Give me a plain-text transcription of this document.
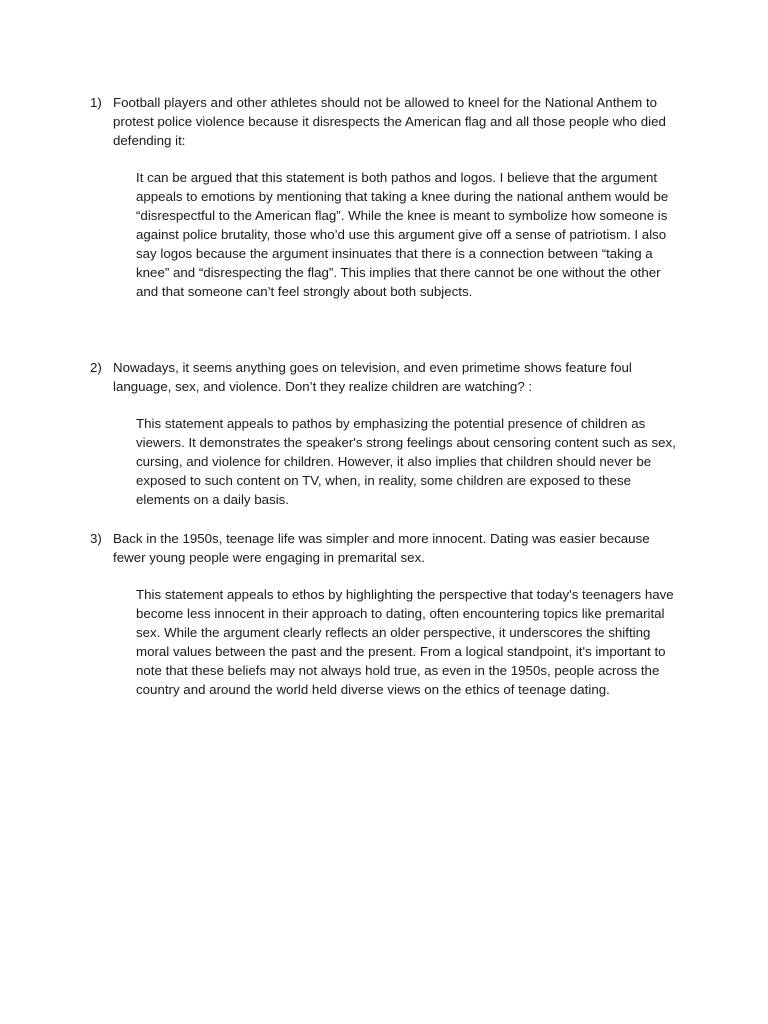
1) Football players and other athletes should not be allowed to kneel for the National Anthem to protest police violence because it disrespects the American flag and all those people who died defending it:
It can be argued that this statement is both pathos and logos. I believe that the argument appeals to emotions by mentioning that taking a knee during the national anthem would be “disrespectful to the American flag”. While the knee is meant to symbolize how someone is against police brutality, those who’d use this argument give off a sense of patriotism. I also say logos because the argument insinuates that there is a connection between “taking a knee” and “disrespecting the flag”. This implies that there cannot be one without the other and that someone can’t feel strongly about both subjects.
2) Nowadays, it seems anything goes on television, and even primetime shows feature foul language, sex, and violence. Don’t they realize children are watching? :
This statement appeals to pathos by emphasizing the potential presence of children as viewers. It demonstrates the speaker's strong feelings about censoring content such as sex, cursing, and violence for children. However, it also implies that children should never be exposed to such content on TV, when, in reality, some children are exposed to these elements on a daily basis.
3) Back in the 1950s, teenage life was simpler and more innocent. Dating was easier because fewer young people were engaging in premarital sex.
This statement appeals to ethos by highlighting the perspective that today's teenagers have become less innocent in their approach to dating, often encountering topics like premarital sex. While the argument clearly reflects an older perspective, it underscores the shifting moral values between the past and the present. From a logical standpoint, it's important to note that these beliefs may not always hold true, as even in the 1950s, people across the country and around the world held diverse views on the ethics of teenage dating.
